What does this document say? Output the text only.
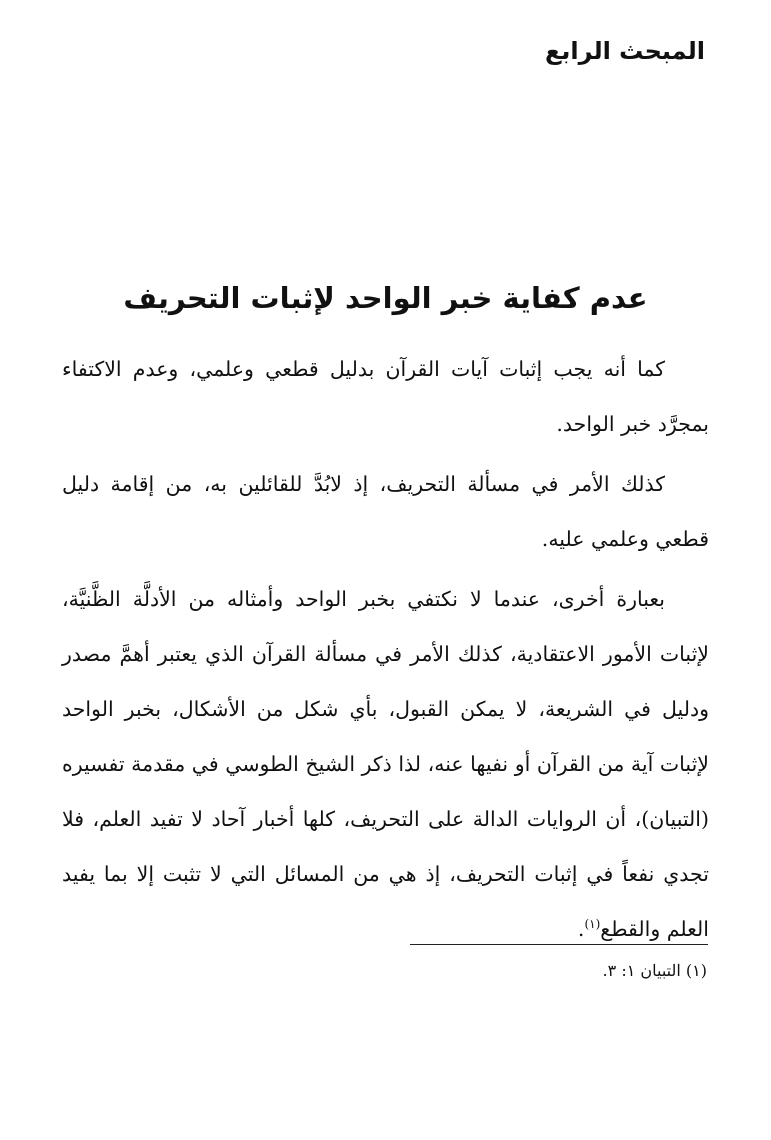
المبحث الرابع
عدم كفاية خبر الواحد لإثبات التحريف

كما أنه يجب إثبات آيات القرآن بدليل قطعي وعلمي، وعدم الاكتفاء بمجرَّد خبر الواحد.

كذلك الأمر في مسألة التحريف، إذ لابُدَّ للقائلين به، من إقامة دليل قطعي وعلمي عليه.

بعبارة أخرى، عندما لا نكتفي بخبر الواحد وأمثاله من الأدلَّة الظَّنيَّة، لإثبات الأمور الاعتقادية، كذلك الأمر في مسألة القرآن الذي يعتبر أهمَّ مصدر ودليل في الشريعة، لا يمكن القبول، بأي شكل من الأشكال، بخبر الواحد لإثبات آية من القرآن أو نفيها عنه، لذا ذكر الشيخ الطوسي في مقدمة تفسيره (التبيان)، أن الروايات الدالة على التحريف، كلها أخبار آحاد لا تفيد العلم، فلا تجدي نفعاً في إثبات التحريف، إذ هي من المسائل التي لا تثبت إلا بما يفيد العلم والقطع$^{(١)}$.

(١) التبيان ١: ٣.
